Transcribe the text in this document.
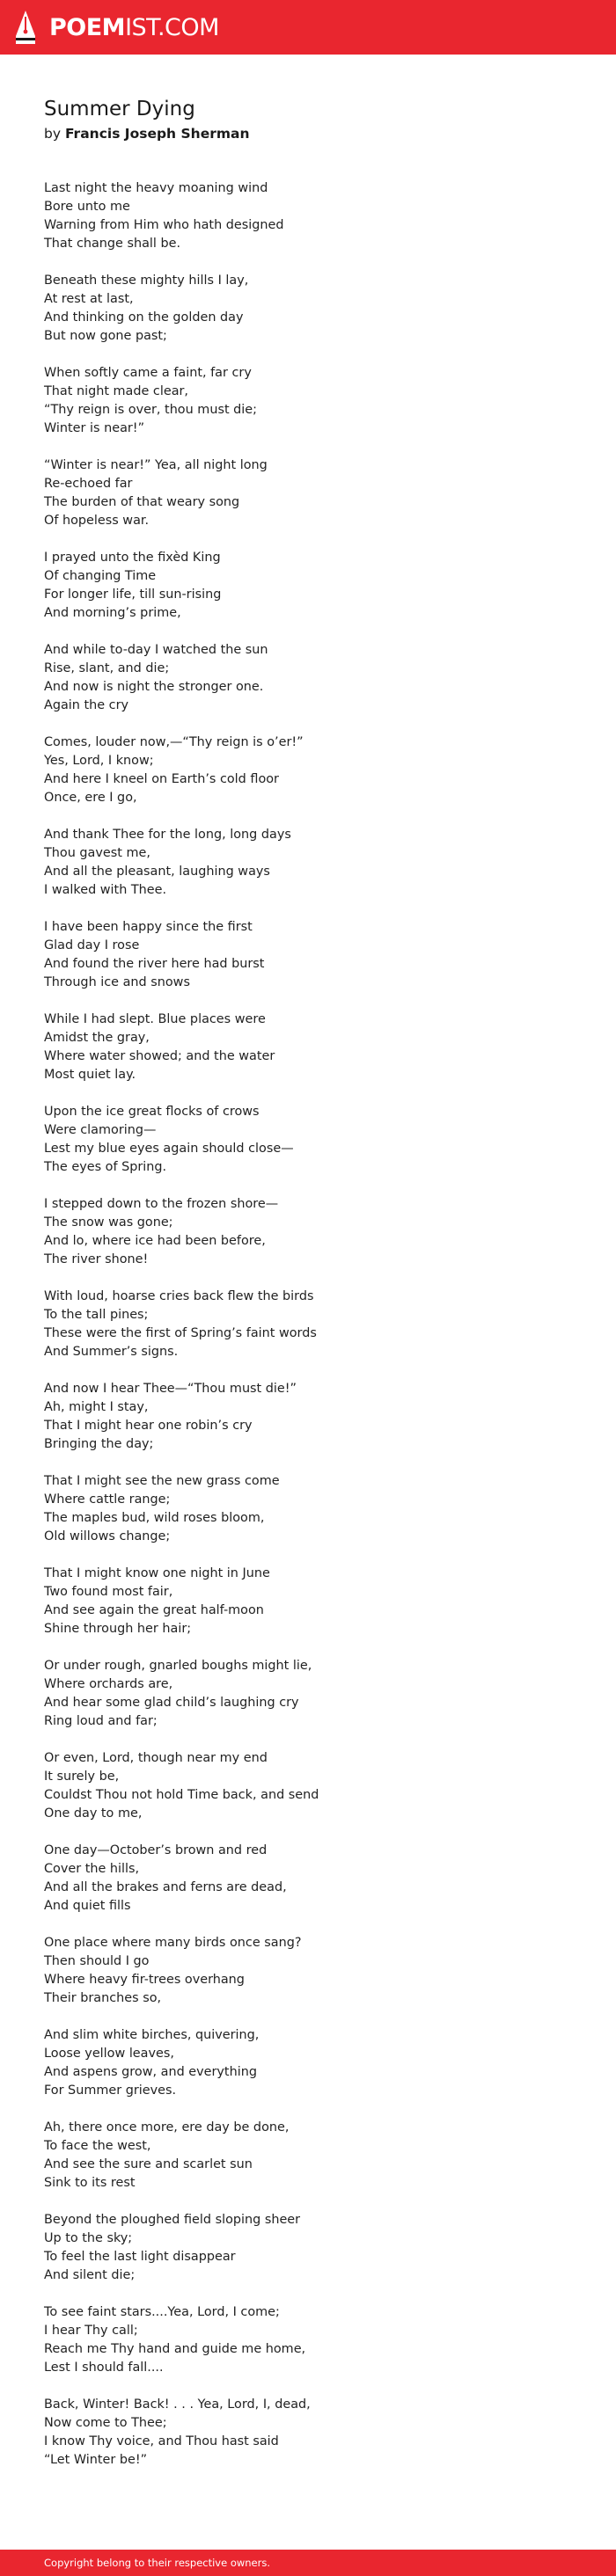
POEMIST.COM
Summer Dying
by Francis Joseph Sherman

Last night the heavy moaning wind
Bore unto me
Warning from Him who hath designed
That change shall be.

Beneath these mighty hills I lay,
At rest at last,
And thinking on the golden day
But now gone past;

When softly came a faint, far cry
That night made clear,
“Thy reign is over, thou must die;
Winter is near!”

“Winter is near!” Yea, all night long
Re-echoed far
The burden of that weary song
Of hopeless war.

I prayed unto the fixèd King
Of changing Time
For longer life, till sun-rising
And morning’s prime,

And while to-day I watched the sun
Rise, slant, and die;
And now is night the stronger one.
Again the cry

Comes, louder now,—“Thy reign is o’er!”
Yes, Lord, I know;
And here I kneel on Earth’s cold floor
Once, ere I go,

And thank Thee for the long, long days
Thou gavest me,
And all the pleasant, laughing ways
I walked with Thee.

I have been happy since the first
Glad day I rose
And found the river here had burst
Through ice and snows

While I had slept. Blue places were
Amidst the gray,
Where water showed; and the water
Most quiet lay.

Upon the ice great flocks of crows
Were clamoring—
Lest my blue eyes again should close—
The eyes of Spring.

I stepped down to the frozen shore—
The snow was gone;
And lo, where ice had been before,
The river shone!

With loud, hoarse cries back flew the birds
To the tall pines;
These were the first of Spring’s faint words
And Summer’s signs.

And now I hear Thee—“Thou must die!”
Ah, might I stay,
That I might hear one robin’s cry
Bringing the day;

That I might see the new grass come
Where cattle range;
The maples bud, wild roses bloom,
Old willows change;

That I might know one night in June
Two found most fair,
And see again the great half-moon
Shine through her hair;

Or under rough, gnarled boughs might lie,
Where orchards are,
And hear some glad child’s laughing cry
Ring loud and far;

Or even, Lord, though near my end
It surely be,
Couldst Thou not hold Time back, and send
One day to me,

One day—October’s brown and red
Cover the hills,
And all the brakes and ferns are dead,
And quiet fills

One place where many birds once sang?
Then should I go
Where heavy fir-trees overhang
Their branches so,

And slim white birches, quivering,
Loose yellow leaves,
And aspens grow, and everything
For Summer grieves.

Ah, there once more, ere day be done,
To face the west,
And see the sure and scarlet sun
Sink to its rest

Beyond the ploughed field sloping sheer
Up to the sky;
To feel the last light disappear
And silent die;

To see faint stars....Yea, Lord, I come;
I hear Thy call;
Reach me Thy hand and guide me home,
Lest I should fall....

Back, Winter! Back! . . . Yea, Lord, I, dead,
Now come to Thee;
I know Thy voice, and Thou hast said
“Let Winter be!”

Copyright belong to their respective owners.
